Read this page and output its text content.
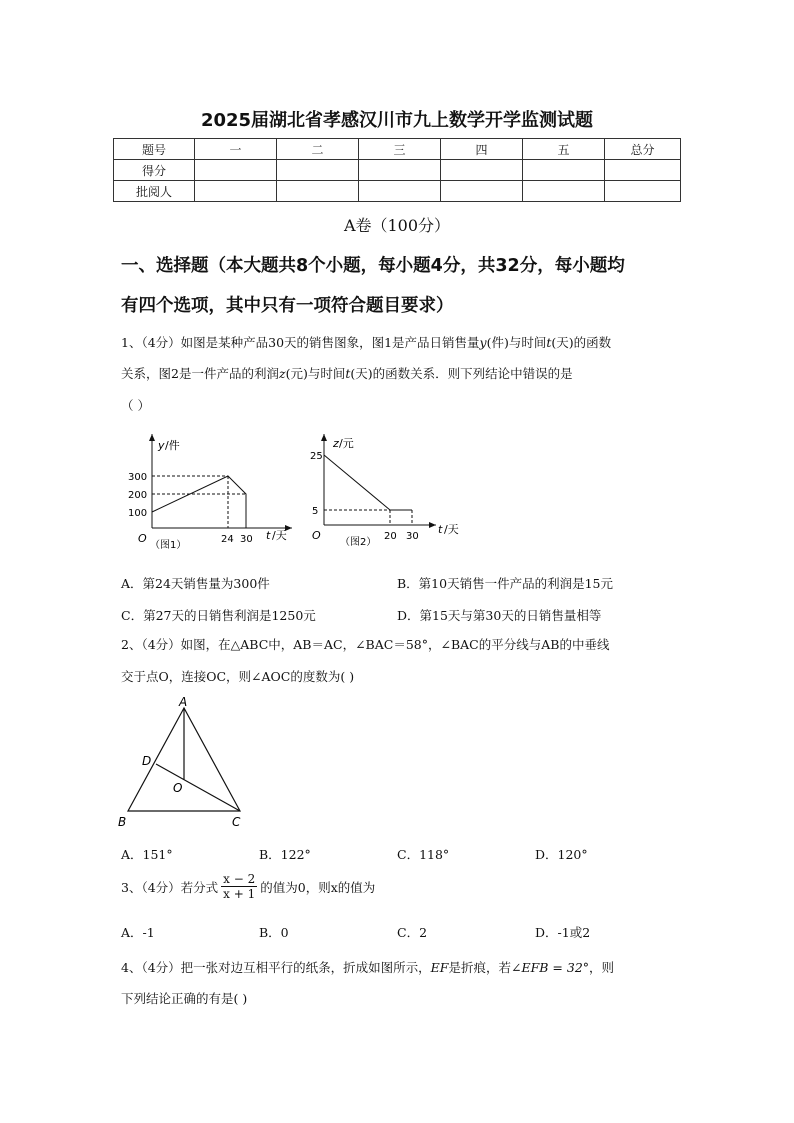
2025届湖北省孝感汉川市九上数学开学监测试题
题号	一	二	三	四	五	总分
得分						
批阅人						
A卷（100分）
一、选择题（本大题共8个小题，每小题4分，共32分，每小题均
有四个选项，其中只有一项符合题目要求）
1、（4分）如图是某种产品30天的销售图象，图1是产品日销售量y(件)与时间t(天)的函数
关系，图2是一件产品的利润z(元)与时间t(天)的函数关系．则下列结论中错误的是
（ ）
y /件
300
200
100
O
（图1）
24 30 t /天
z /元
25
5
O
（图2）
20 30
t /天
A．第24天销售量为300件	B．第10天销售一件产品的利润是15元
C．第27天的日销售利润是1250元	D．第15天与第30天的日销售量相等
2、（4分）如图，在△ABC中，AB＝AC，∠BAC＝58°，∠BAC的平分线与AB的中垂线
交于点O，连接OC，则∠AOC的度数为( )
A
D
O
B	C
A．151°	B．122°	C．118°	D．120°
3、（4分） 若分式 $\frac{x - 2}{x + 1}$ 的值为0，则x的值为
A．-1	B．0	C．2	D．-1或2
4、（4分）把一张对边互相平行的纸条，折成如图所示，EF是折痕，若∠EFB = 32°，则
下列结论正确的有是( )
